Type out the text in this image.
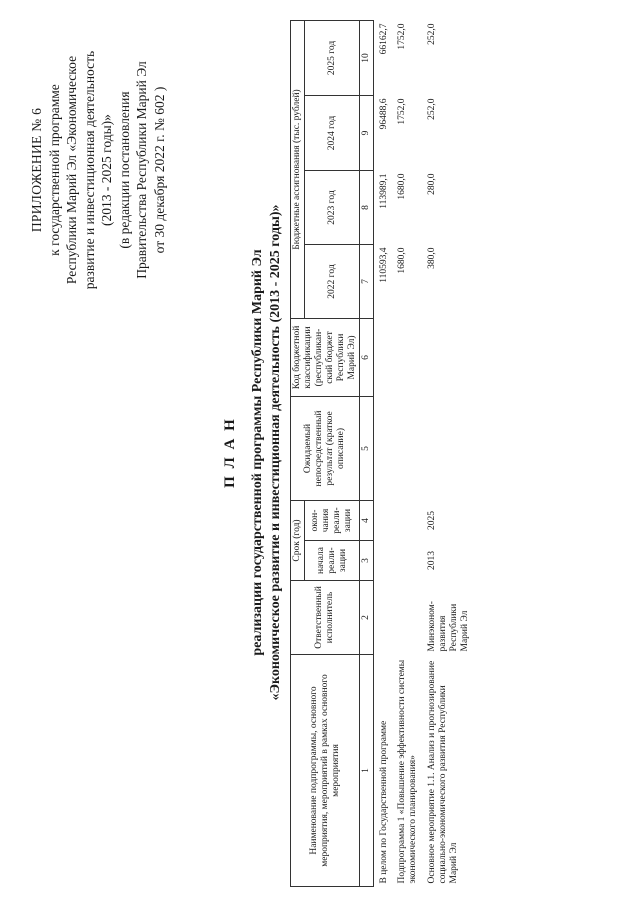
ПРИЛОЖЕНИЕ № 6 к государственной программе Республики Марий Эл «Экономическое развитие и инвестиционная деятельность (2013 - 2025 годы)» (в редакции постановления Правительства Республики Марий Эл от 30 декабря 2022 г. № 602 )
П Л А Н реализации государственной программы Республики Марий Эл «Экономическое развитие и инвестиционная деятельность (2013 - 2025 годы)»
Наименование подпрограммы, основного мероприятия, мероприятий в рамках основного мероприятия	Ответственный исполнитель	Срок (год)		Ожидаемый непосредственный результат (краткое описание)	Код бюджетной классификации (республикан-ский бюджет Республики Марий Эл)	Бюджетные ассигнования (тыс. рублей)			
		начала реали-зации	окон-чания реали-зации			2022 год	2023 год	2024 год	2025 год

1	2	3	4	5	6	7	8	9	10
В целом по Государственной программе						110593,4	113989,1	96488,6	66162,7
Подпрограмма 1 «Повышение эффективности системы экономического планирования»						1680,0	1680,0	1752,0	1752,0
Основное мероприятие 1.1. Анализ и прогнозирование социально-экономического развития Республики Марий Эл	Минэконом-развития Республики Марий Эл	2013	2025			380,0	280,0	252,0	252,0
